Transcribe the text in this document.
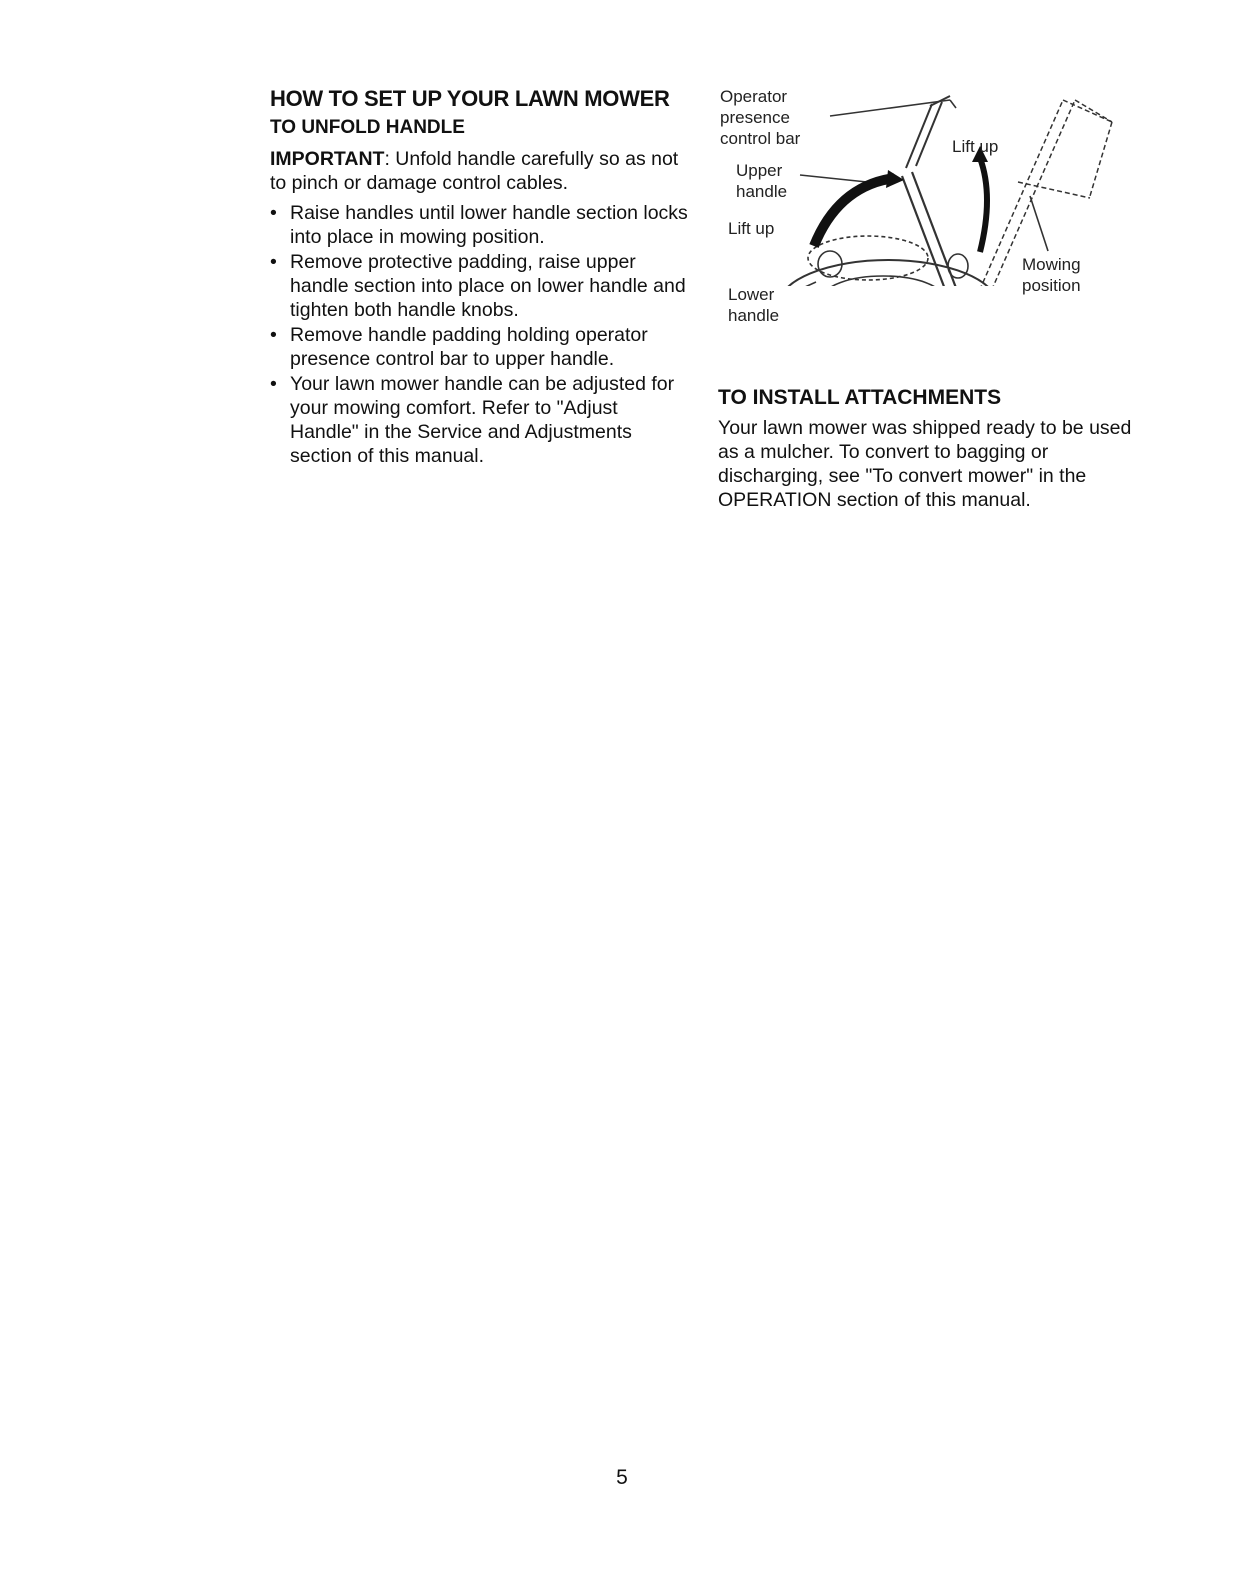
HOW TO SET UP YOUR LAWN MOWER
TO UNFOLD HANDLE

IMPORTANT: Unfold handle carefully so as not to pinch or damage control cables.

• Raise handles until lower handle section locks into place in mowing position.
• Remove protective padding, raise upper handle section into place on lower handle and tighten both handle knobs.
• Remove handle padding holding operator presence control bar to upper handle.
• Your lawn mower handle can be adjusted for your mowing comfort. Refer to "Adjust Handle" in the Service and Adjustments section of this manual.
Operator
presence
control bar
Upper
handle
Lift up
Lift up
Lower
handle
Mowing
position
TO INSTALL ATTACHMENTS

Your lawn mower was shipped ready to be used as a mulcher. To convert to bagging or discharging, see "To convert mower" in the OPERATION section of this manual.

5
